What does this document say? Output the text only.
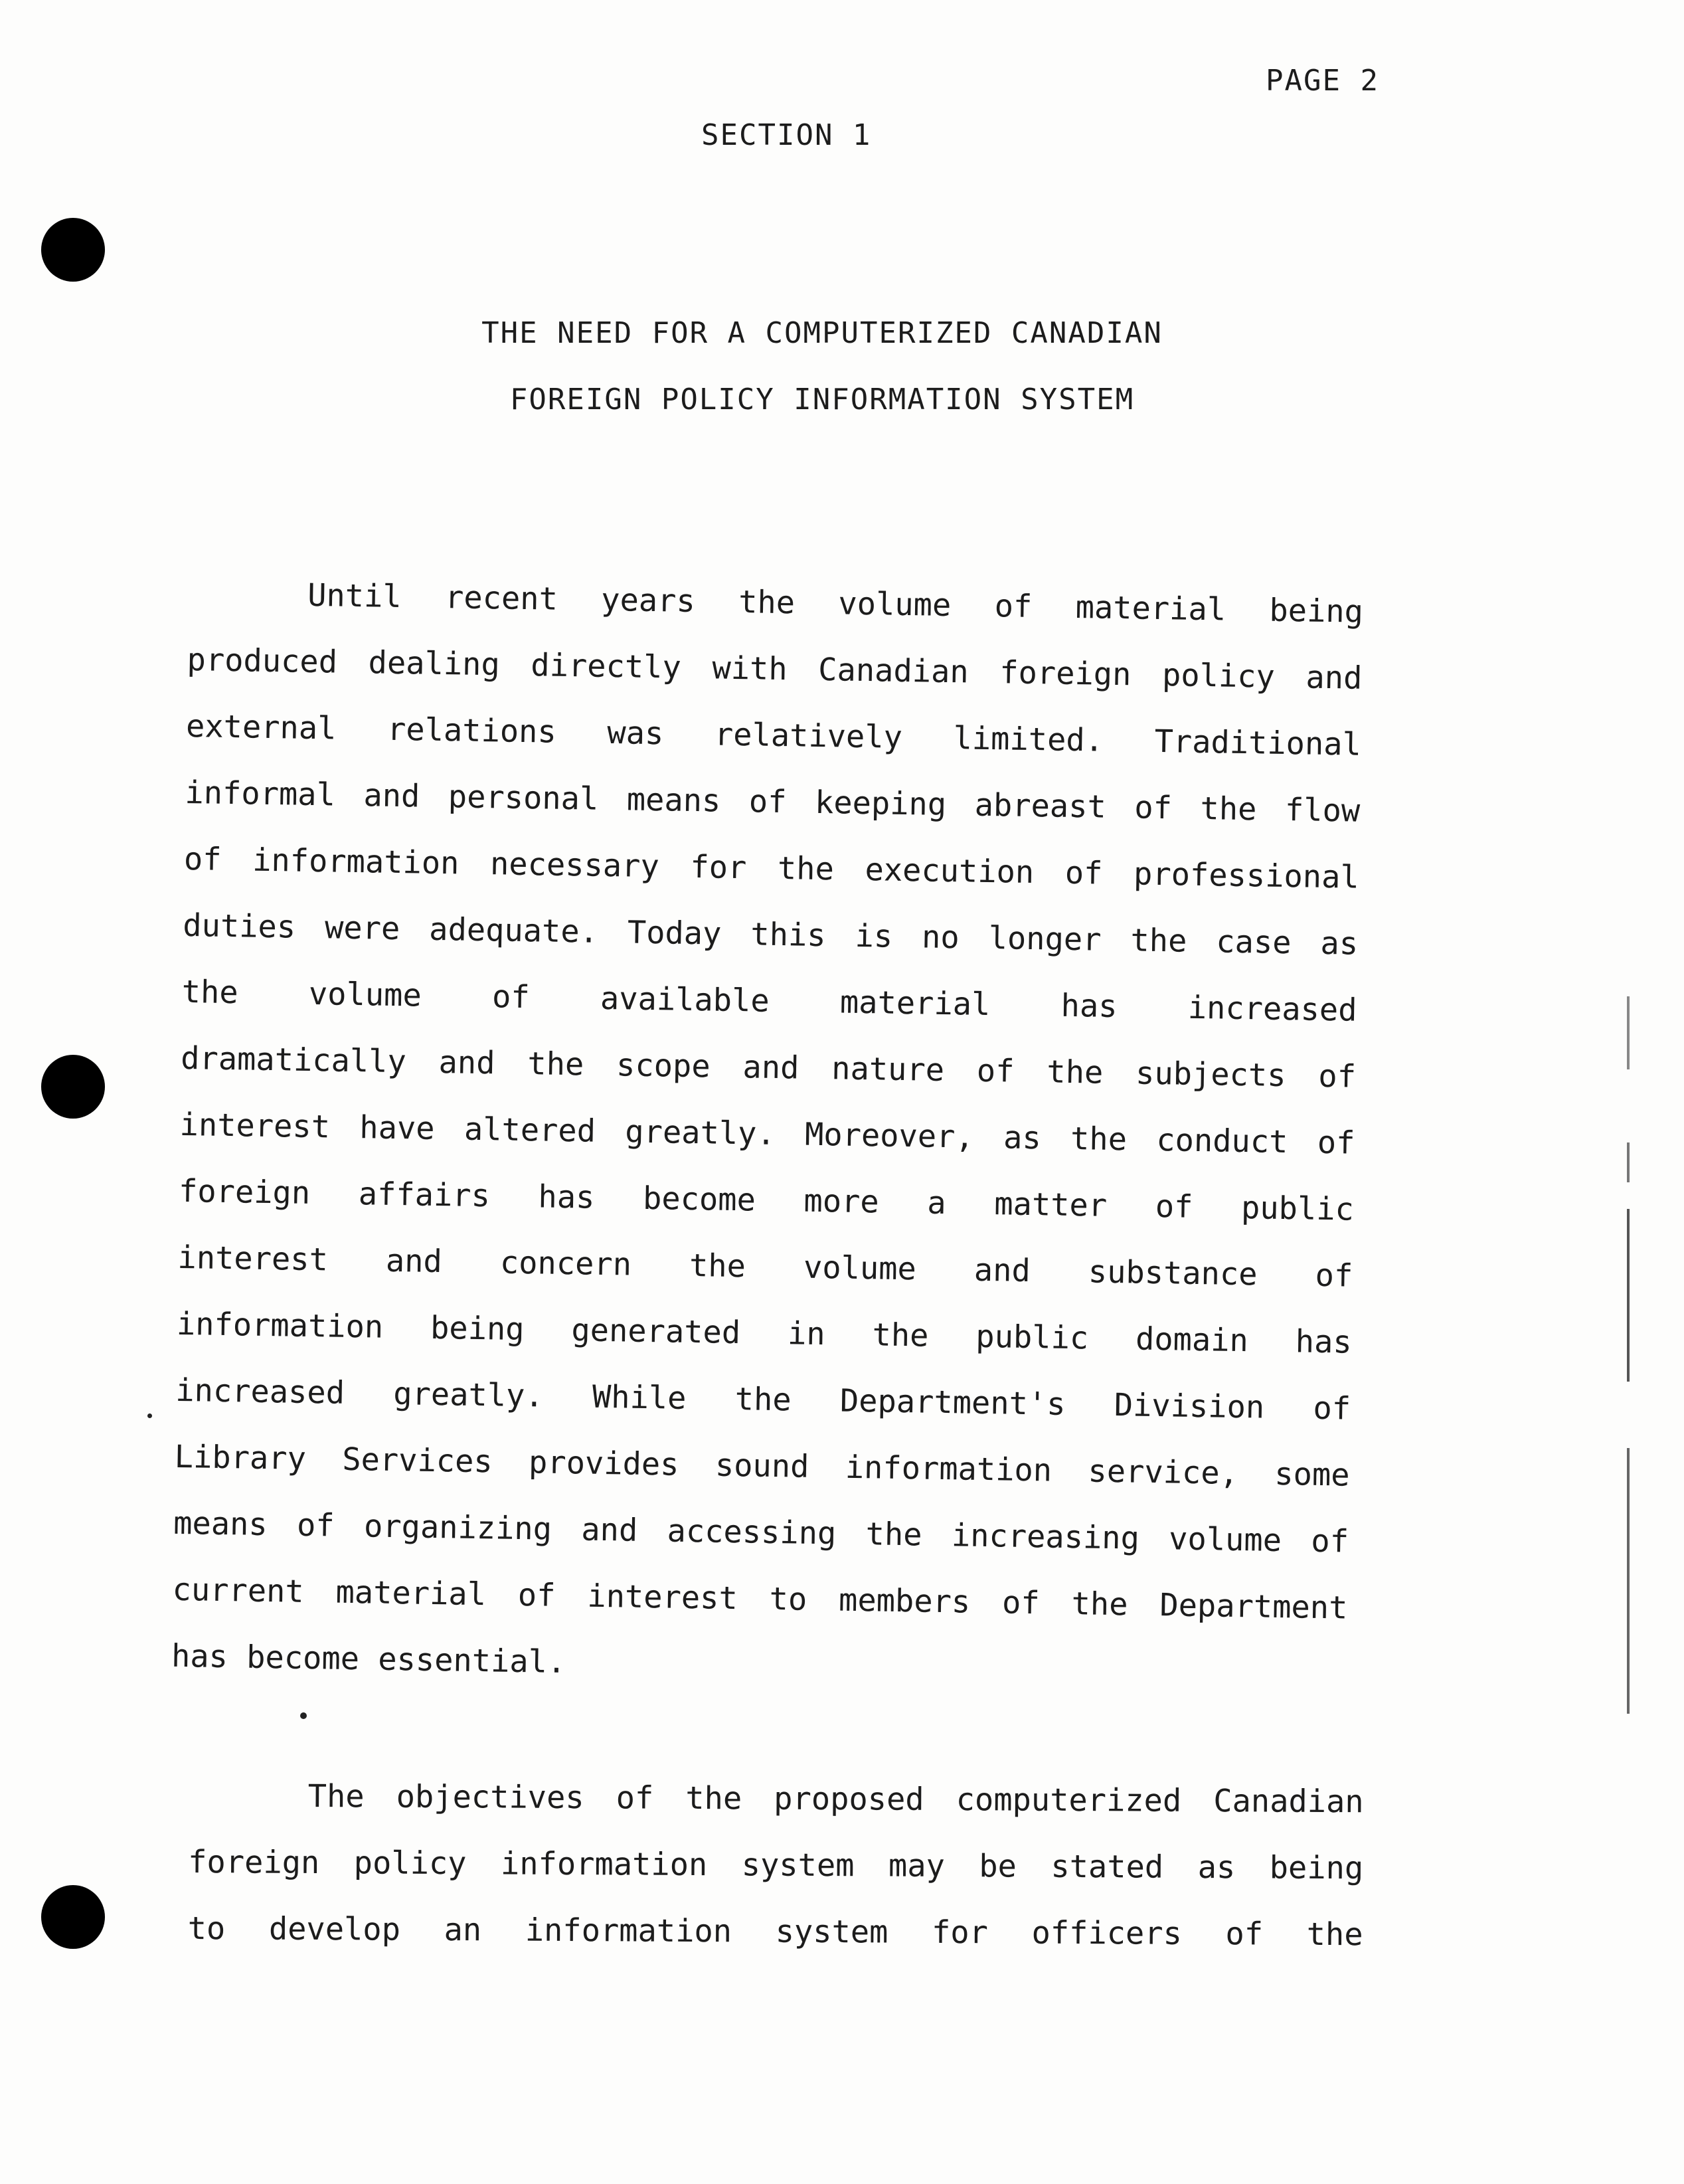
PAGE 2
SECTION 1
THE NEED FOR A COMPUTERIZED CANADIAN
FOREIGN POLICY INFORMATION SYSTEM
Until recent years the volume of material being
produced dealing directly with Canadian foreign policy and
external relations was relatively limited. Traditional
informal and personal means of keeping abreast of the flow
of information necessary for the execution of professional
duties were adequate. Today this is no longer the case as
the volume of available material has increased
dramatically and the scope and nature of the subjects of
interest have altered greatly. Moreover, as the conduct of
foreign affairs has become more a matter of public
interest and concern the volume and substance of
information being generated in the public domain has
increased greatly. While the Department's Division of
Library Services provides sound information service, some
means of organizing and accessing the increasing volume of
current material of interest to members of the Department
has become essential.
The objectives of the proposed computerized Canadian
foreign policy information system may be stated as being
to develop an information system for officers of the
